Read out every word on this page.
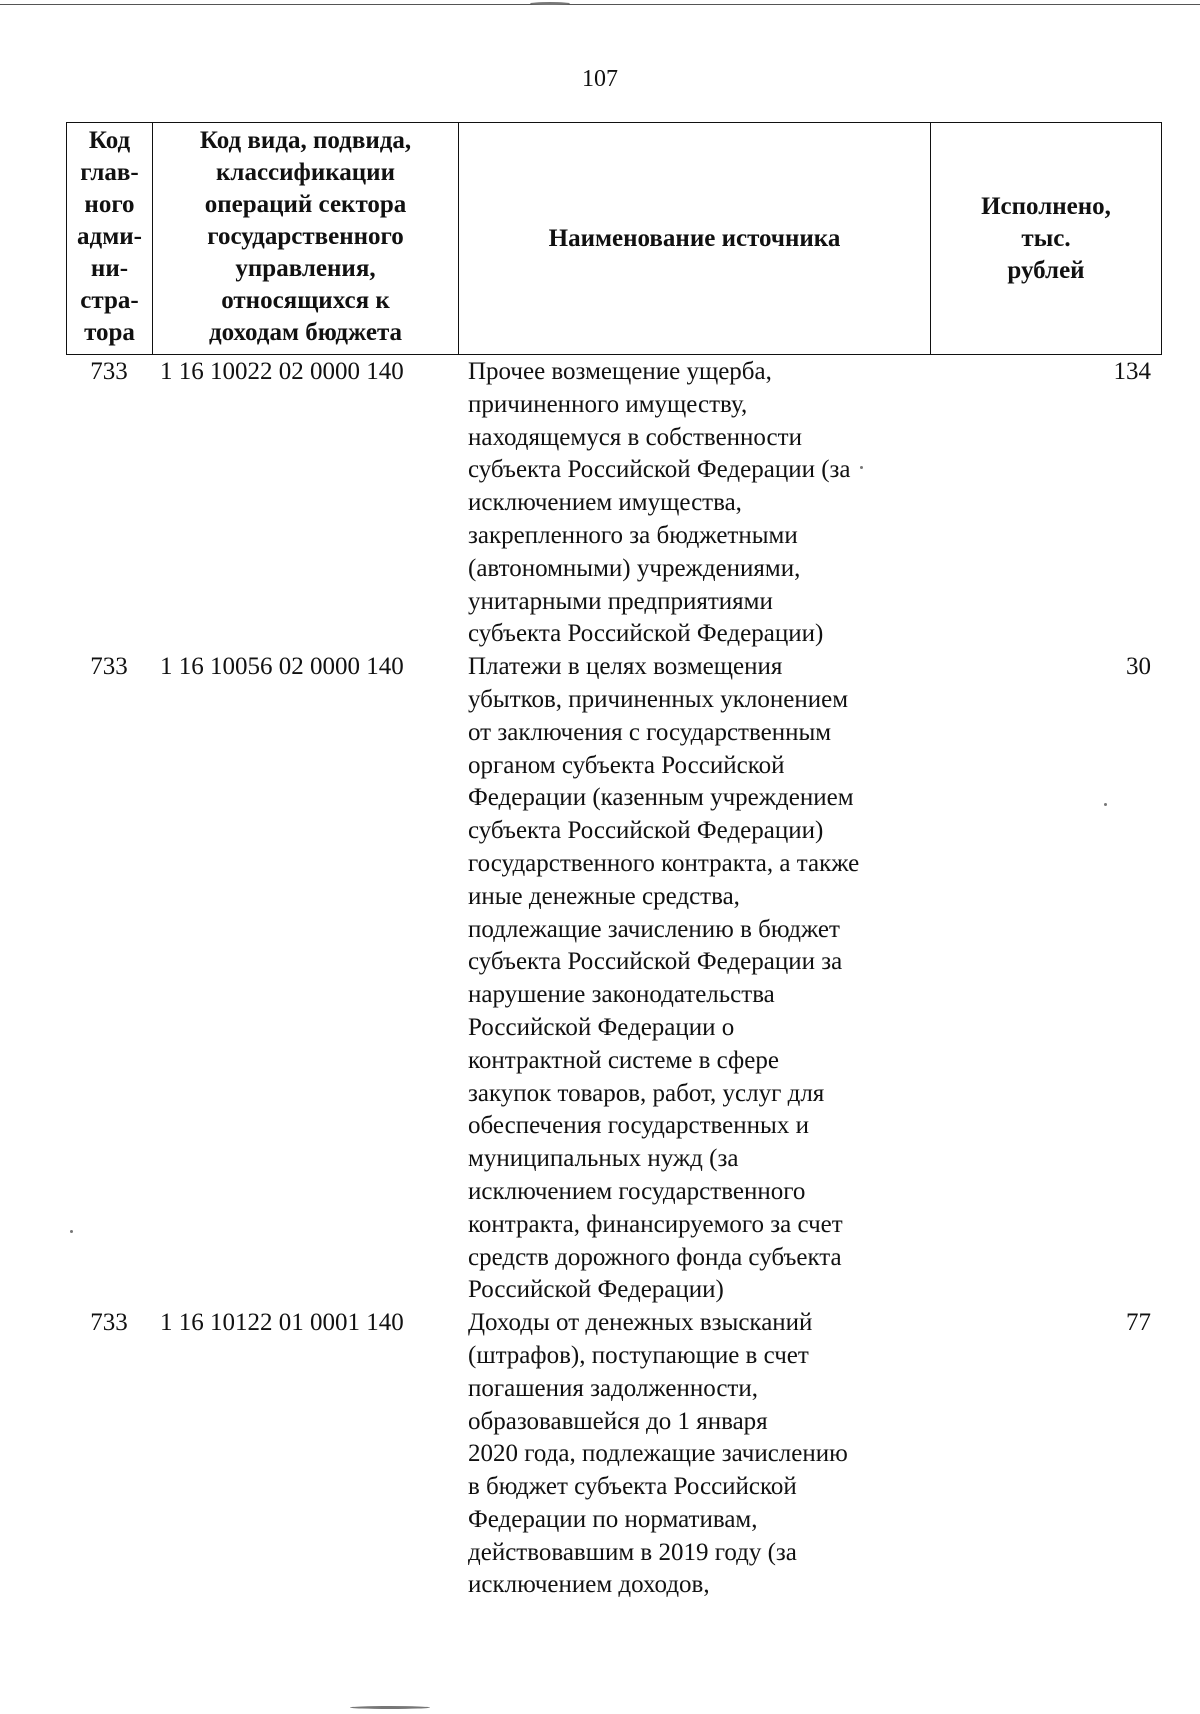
107
Код
глав-
ного
адми-
ни-
стра-
тора

Код вида, подвида,
классификации
операций сектора
государственного
управления,
относящихся к
доходам бюджета

Наименование источника

Исполнено,
тыс.
рублей
733	1 16 10022 02 0000 140	Прочее возмещение ущерба,
причиненного имуществу,
находящемуся в собственности
субъекта Российской Федерации (за
исключением имущества,
закрепленного за бюджетными
(автономными) учреждениями,
унитарными предприятиями
субъекта Российской Федерации)
134
733	1 16 10056 02 0000 140	Платежи в целях возмещения
убытков, причиненных уклонением
от заключения с государственным
органом субъекта Российской
Федерации (казенным учреждением
субъекта Российской Федерации)
государственного контракта, а также
иные денежные средства,
подлежащие зачислению в бюджет
субъекта Российской Федерации за
нарушение законодательства
Российской Федерации о
контрактной системе в сфере
закупок товаров, работ, услуг для
обеспечения государственных и
муниципальных нужд (за
исключением государственного
контракта, финансируемого за счет
средств дорожного фонда субъекта
Российской Федерации)
30
733	1 16 10122 01 0001 140	Доходы от денежных взысканий
(штрафов), поступающие в счет
погашения задолженности,
образовавшейся до 1 января
2020 года, подлежащие зачислению
в бюджет субъекта Российской
Федерации по нормативам,
действовавшим в 2019 году (за
исключением доходов,
77
